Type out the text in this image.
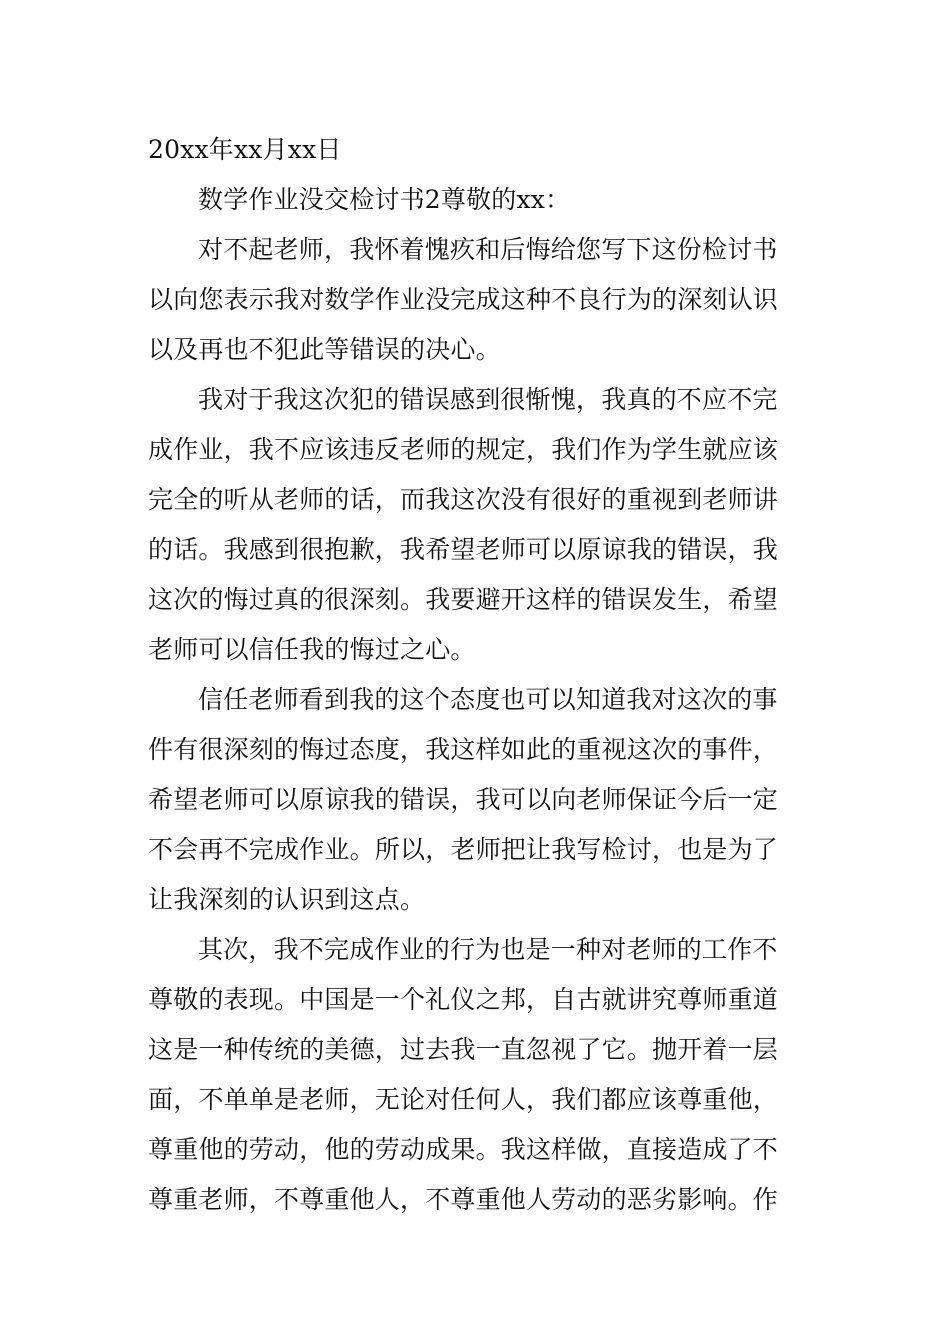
20xx年xx月xx日
数学作业没交检讨书2尊敬的xx：
对不起老师，我怀着愧疚和后悔给您写下这份检讨书
以向您表示我对数学作业没完成这种不良行为的深刻认识
以及再也不犯此等错误的决心。
我对于我这次犯的错误感到很惭愧，我真的不应不完
成作业，我不应该违反老师的规定，我们作为学生就应该
完全的听从老师的话，而我这次没有很好的重视到老师讲
的话。我感到很抱歉，我希望老师可以原谅我的错误，我
这次的悔过真的很深刻。我要避开这样的错误发生，希望
老师可以信任我的悔过之心。
信任老师看到我的这个态度也可以知道我对这次的事
件有很深刻的悔过态度，我这样如此的重视这次的事件，
希望老师可以原谅我的错误，我可以向老师保证今后一定
不会再不完成作业。所以，老师把让我写检讨，也是为了
让我深刻的认识到这点。
其次，我不完成作业的行为也是一种对老师的工作不
尊敬的表现。中国是一个礼仪之邦，自古就讲究尊师重道
这是一种传统的美德，过去我一直忽视了它。抛开着一层
面，不单单是老师，无论对任何人，我们都应该尊重他，
尊重他的劳动，他的劳动成果。我这样做，直接造成了不
尊重老师，不尊重他人，不尊重他人劳动的恶劣影响。作
